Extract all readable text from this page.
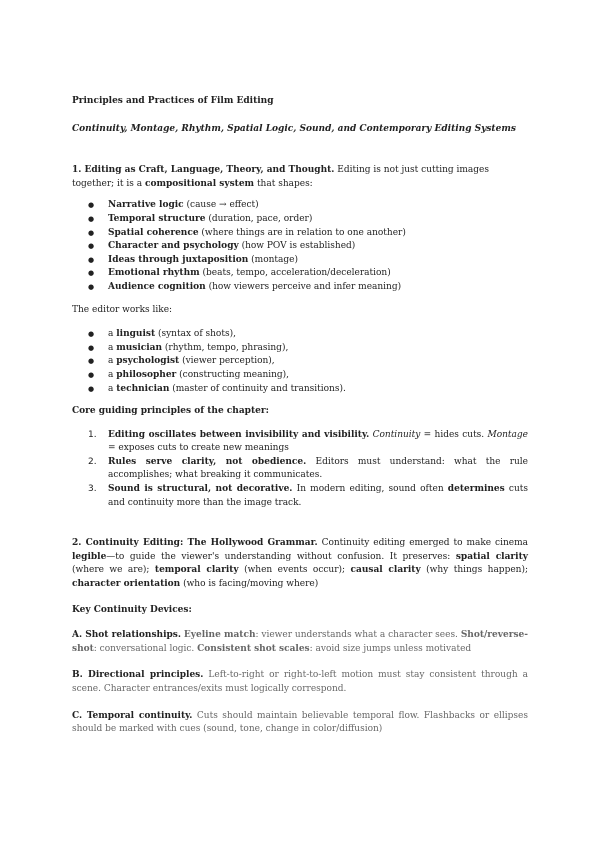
Principles and Practices of Film Editing

Continuity, Montage, Rhythm, Spatial Logic, Sound, and Contemporary Editing Systems

1. Editing as Craft, Language, Theory, and Thought. Editing is not just cutting images together; it is a compositional system that shapes:

● Narrative logic (cause → effect)
● Temporal structure (duration, pace, order)
● Spatial coherence (where things are in relation to one another)
● Character and psychology (how POV is established)
● Ideas through juxtaposition (montage)
● Emotional rhythm (beats, tempo, acceleration/deceleration)
● Audience cognition (how viewers perceive and infer meaning)

The editor works like:

● a linguist (syntax of shots),
● a musician (rhythm, tempo, phrasing),
● a psychologist (viewer perception),
● a philosopher (constructing meaning),
● a technician (master of continuity and transitions).

Core guiding principles of the chapter:

1. Editing oscillates between invisibility and visibility. Continuity = hides cuts. Montage = exposes cuts to create new meanings
2. Rules serve clarity, not obedience. Editors must understand: what the rule accomplishes; what breaking it communicates.
3. Sound is structural, not decorative. In modern editing, sound often determines cuts and continuity more than the image track.

2. Continuity Editing: The Hollywood Grammar. Continuity editing emerged to make cinema legible—to guide the viewer's understanding without confusion. It preserves: spatial clarity (where we are); temporal clarity (when events occur); causal clarity (why things happen); character orientation (who is facing/moving where)

Key Continuity Devices:

A. Shot relationships. Eyeline match: viewer understands what a character sees. Shot/reverse-shot: conversational logic. Consistent shot scales: avoid size jumps unless motivated

B. Directional principles. Left-to-right or right-to-left motion must stay consistent through a scene. Character entrances/exits must logically correspond.

C. Temporal continuity. Cuts should maintain believable temporal flow. Flashbacks or ellipses should be marked with cues (sound, tone, change in color/diffusion)
